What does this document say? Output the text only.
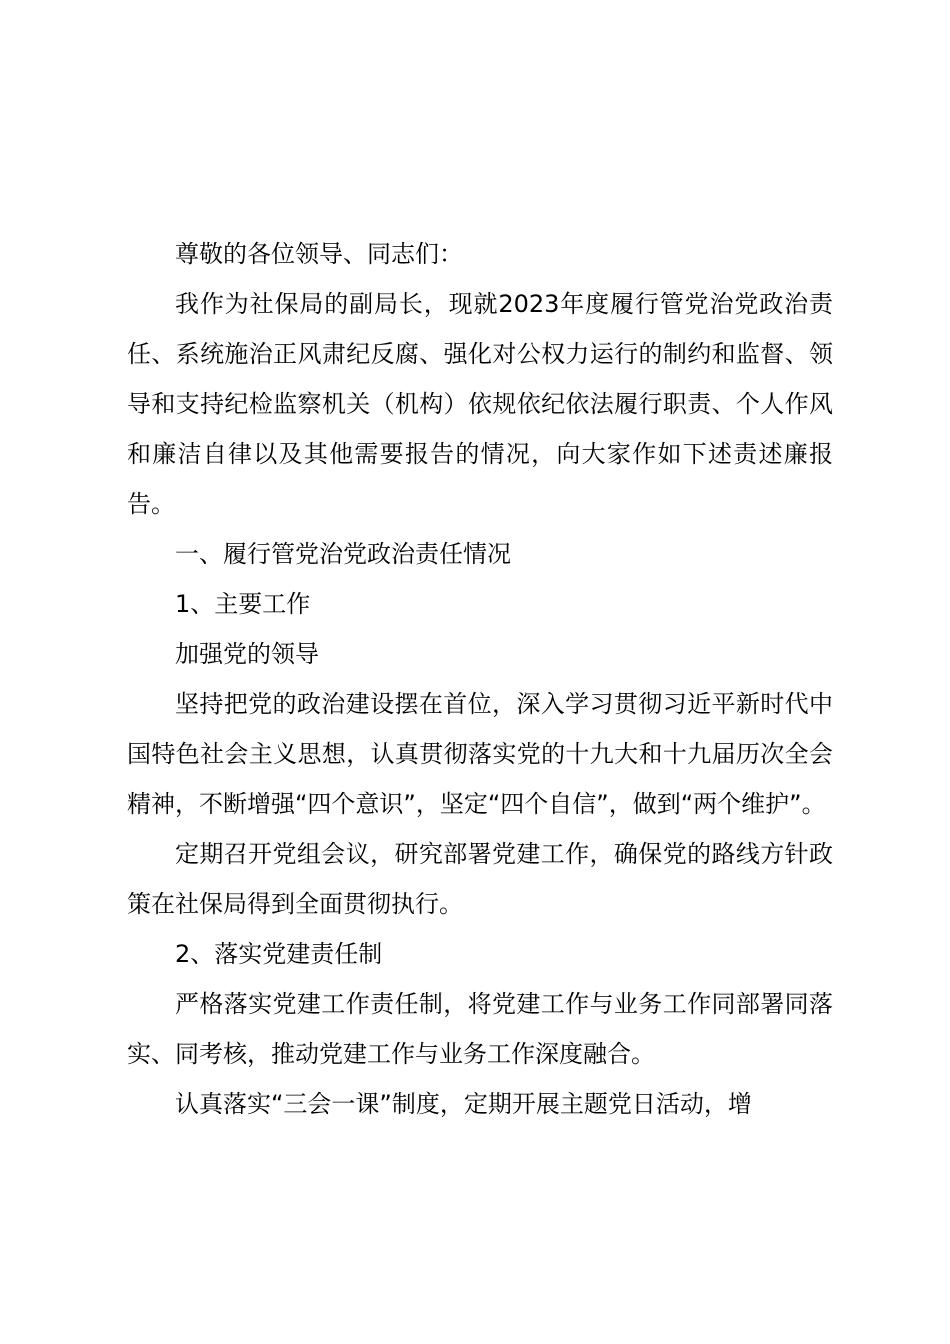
尊敬的各位领导、同志们：

我作为社保局的副局长，现就2023年度履行管党治党政治责任、系统施治正风肃纪反腐、强化对公权力运行的制约和监督、领导和支持纪检监察机关（机构）依规依纪依法履行职责、个人作风和廉洁自律以及其他需要报告的情况，向大家作如下述责述廉报告。

一、履行管党治党政治责任情况

1、主要工作

加强党的领导

坚持把党的政治建设摆在首位，深入学习贯彻习近平新时代中国特色社会主义思想，认真贯彻落实党的十九大和十九届历次全会精神，不断增强“四个意识”，坚定“四个自信”，做到“两个维护”。

定期召开党组会议，研究部署党建工作，确保党的路线方针政策在社保局得到全面贯彻执行。

2、落实党建责任制

严格落实党建工作责任制，将党建工作与业务工作同部署同落实、同考核，推动党建工作与业务工作深度融合。

认真落实“三会一课”制度，定期开展主题党日活动，增
